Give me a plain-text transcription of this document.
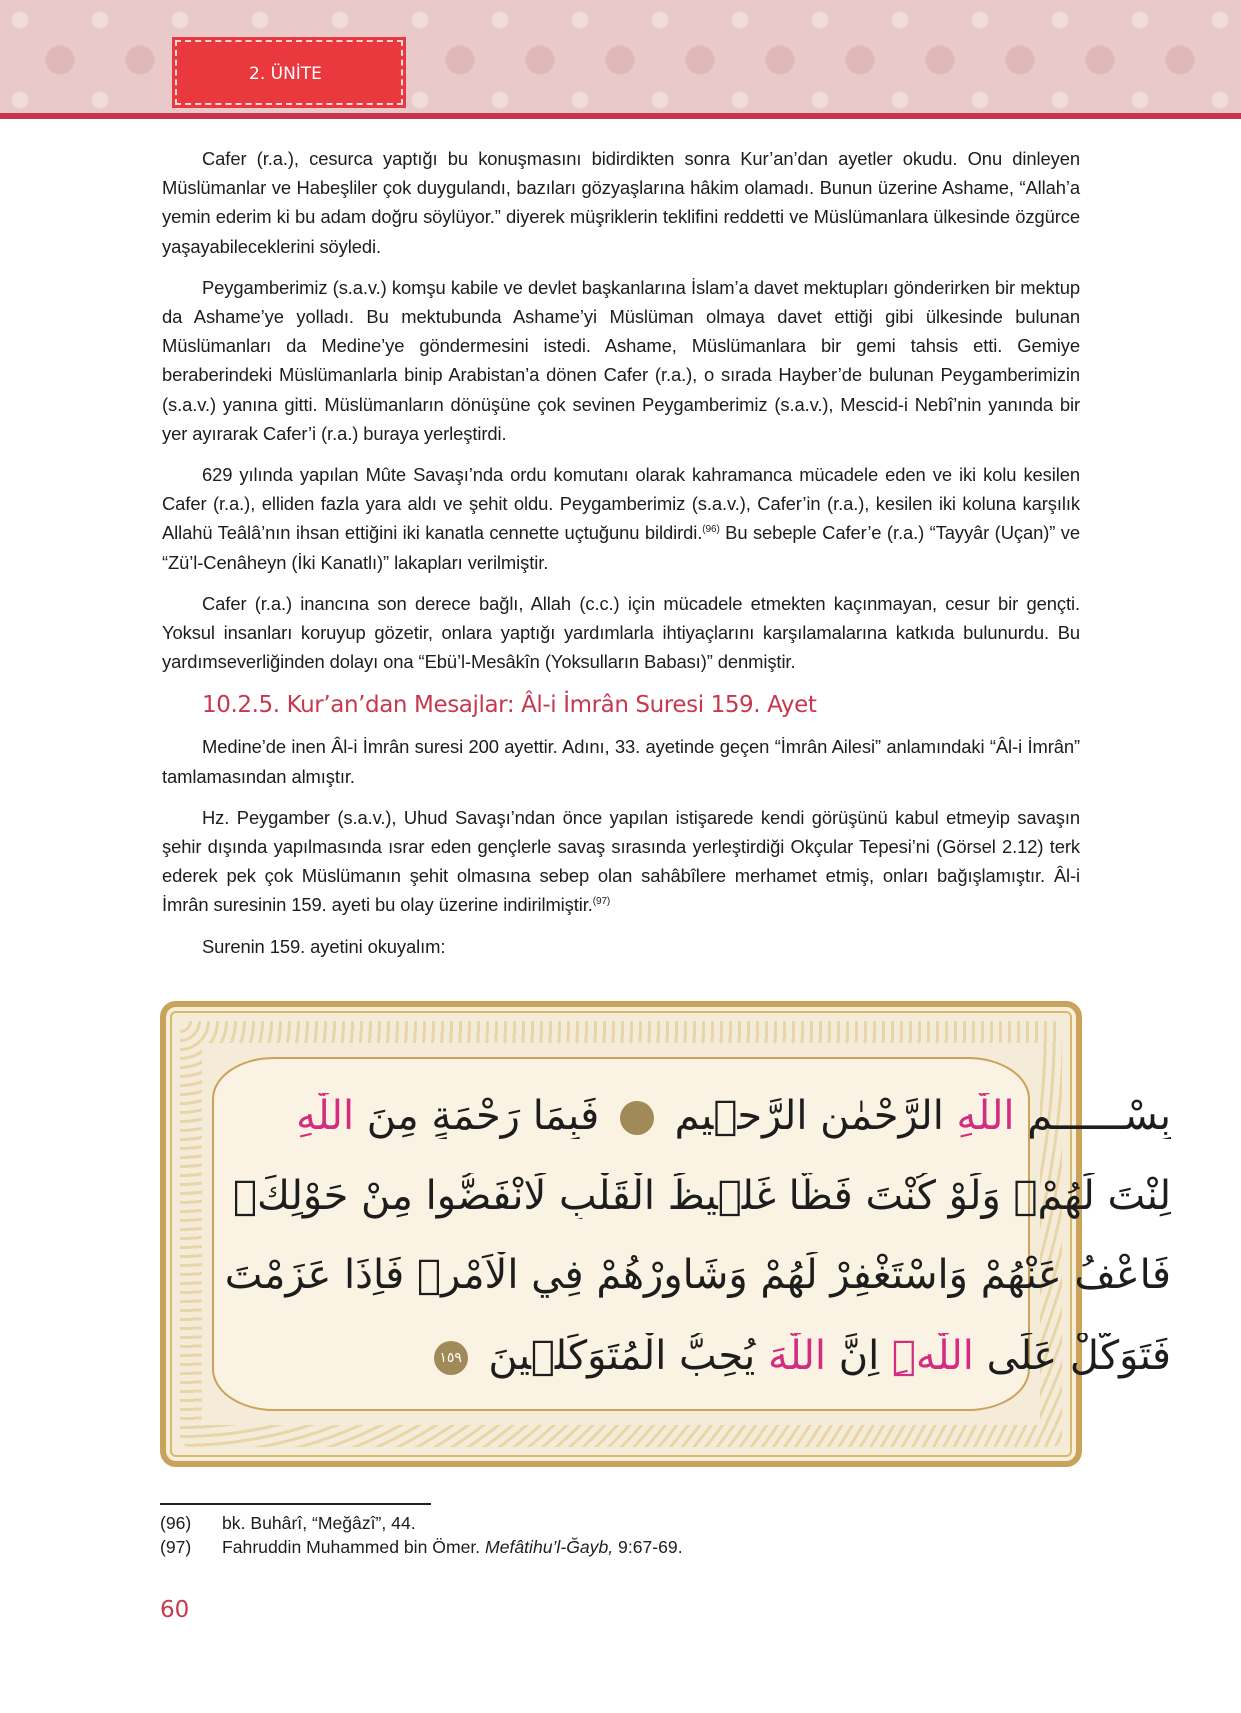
2. ÜNİTE

Cafer (r.a.), cesurca yaptığı bu konuşmasını bidirdikten sonra Kur’an’dan ayetler okudu. Onu dinleyen Müslümanlar ve Habeşliler çok duygulandı, bazıları gözyaşlarına hâkim olamadı. Bunun üzerine Ashame, “Allah’a yemin ederim ki bu adam doğru söylüyor.” diyerek müşriklerin teklifini reddetti ve Müslümanlara ülkesinde özgürce yaşayabileceklerini söyledi.

Peygamberimiz (s.a.v.) komşu kabile ve devlet başkanlarına İslam’a davet mektupları gönderirken bir mektup da Ashame’ye yolladı. Bu mektubunda Ashame’yi Müslüman olmaya davet ettiği gibi ülkesinde bulunan Müslümanları da Medine’ye göndermesini istedi. Ashame, Müslümanlara bir gemi tahsis etti. Gemiye beraberindeki Müslümanlarla binip Arabistan’a dönen Cafer (r.a.), o sırada Hayber’de bulunan Peygamberimizin (s.a.v.) yanına gitti. Müslümanların dönüşüne çok sevinen Peygamberimiz (s.a.v.), Mescid-i Nebî’nin yanında bir yer ayırarak Cafer’i (r.a.) buraya yerleştirdi.

629 yılında yapılan Mûte Savaşı’nda ordu komutanı olarak kahramanca mücadele eden ve iki kolu kesilen Cafer (r.a.), elliden fazla yara aldı ve şehit oldu. Peygamberimiz (s.a.v.), Cafer’in (r.a.), kesilen iki koluna karşılık Allahü Teâlâ’nın ihsan ettiğini iki kanatla cennette uçtuğunu bildirdi.$^{(96)}$ Bu sebeple Cafer’e (r.a.) “Tayyâr (Uçan)” ve “Zü’l-Cenâheyn (İki Kanatlı)” lakapları verilmiştir.

Cafer (r.a.) inancına son derece bağlı, Allah (c.c.) için mücadele etmekten kaçınmayan, cesur bir gençti. Yoksul insanları koruyup gözetir, onlara yaptığı yardımlarla ihtiyaçlarını karşılamalarına katkıda bulunurdu. Bu yardımseverliğinden dolayı ona “Ebü’l-Mesâkîn (Yoksulların Babası)” denmiştir.

10.2.5. Kur’an’dan Mesajlar: Âl-i İmrân Suresi 159. Ayet

Medine’de inen Âl-i İmrân suresi 200 ayettir. Adını, 33. ayetinde geçen “İmrân Ailesi” anlamındaki “Âl-i İmrân” tamlamasından almıştır.

Hz. Peygamber (s.a.v.), Uhud Savaşı’ndan önce yapılan istişarede kendi görüşünü kabul etmeyip savaşın şehir dışında yapılmasında ısrar eden gençlerle savaş sırasında yerleştirdiği Okçular Tepesi’ni (Görsel 2.12) terk ederek pek çok Müslümanın şehit olmasına sebep olan sahâbîlere merhamet etmiş, onları bağışlamıştır. Âl-i İmrân suresinin 159. ayeti bu olay üzerine indirilmiştir.$^{(97)}$

Surenin 159. ayetini okuyalım:

بِسْــــــمِ اللّٰهِ الرَّحْمٰنِ الرَّح۪يمِ  فَبِمَا رَحْمَةٍ مِنَ اللّٰهِ
لِنْتَ لَهُمْۚ وَلَوْ كُنْتَ فَظًّا غَل۪يظَ الْقَلْبِ لَانْفَضُّوا مِنْ حَوْلِكَۖ
فَاعْفُ عَنْهُمْ وَاسْتَغْفِرْ لَهُمْ وَشَاوِرْهُمْ فِي الْاَمْرِۚ فَاِذَا عَزَمْتَ
فَتَوَكَّلْ عَلَى اللّٰهِۜ اِنَّ اللّٰهَ يُحِبُّ الْمُتَوَكِّل۪ينَ ١٥٩
(96) bk. Buhârî, “Meğâzî”, 44.
(97) Fahruddin Muhammed bin Ömer. Mefâtihu’l-Ğayb, 9:67-69.
60
